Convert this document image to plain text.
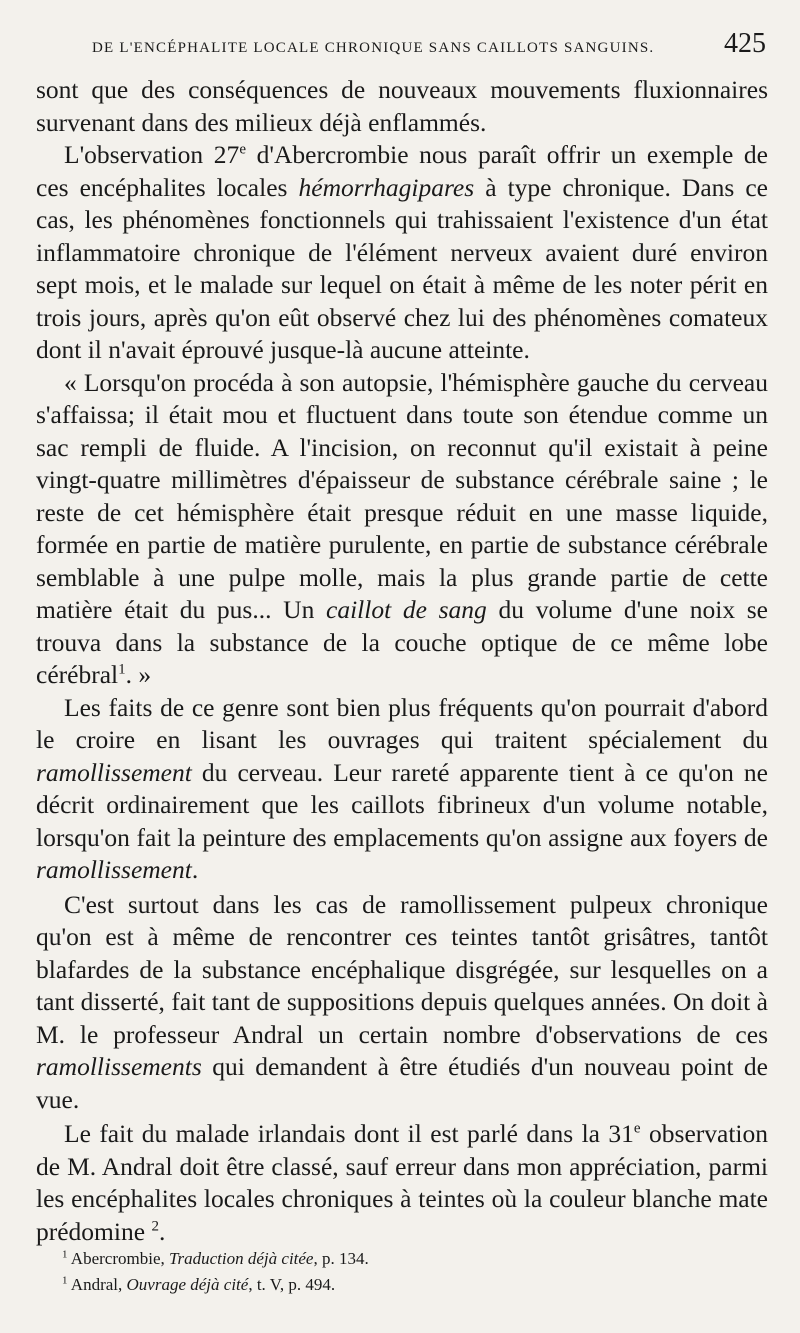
DE L'ENCÉPHALITE LOCALE CHRONIQUE SANS CAILLOTS SANGUINS. 425

sont que des conséquences de nouveaux mouvements fluxionnaires survenant dans des milieux déjà enflammés.

L'observation 27e d'Abercrombie nous paraît offrir un exemple de ces encéphalites locales hémorrhagipares à type chronique. Dans ce cas, les phénomènes fonctionnels qui trahissaient l'existence d'un état inflammatoire chronique de l'élément nerveux avaient duré environ sept mois, et le malade sur lequel on était à même de les noter périt en trois jours, après qu'on eût observé chez lui des phénomènes comateux dont il n'avait éprouvé jusque-là aucune atteinte.

« Lorsqu'on procéda à son autopsie, l'hémisphère gauche du cerveau s'affaissa; il était mou et fluctuent dans toute son étendue comme un sac rempli de fluide. A l'incision, on reconnut qu'il existait à peine vingt-quatre millimètres d'épaisseur de substance cérébrale saine ; le reste de cet hémisphère était presque réduit en une masse liquide, formée en partie de matière purulente, en partie de substance cérébrale semblable à une pulpe molle, mais la plus grande partie de cette matière était du pus... Un caillot de sang du volume d'une noix se trouva dans la substance de la couche optique de ce même lobe cérébral$^1$. »

Les faits de ce genre sont bien plus fréquents qu'on pourrait d'abord le croire en lisant les ouvrages qui traitent spécialement du ramollissement du cerveau. Leur rareté apparente tient à ce qu'on ne décrit ordinairement que les caillots fibrineux d'un volume notable, lorsqu'on fait la peinture des emplacements qu'on assigne aux foyers de ramollissement.

C'est surtout dans les cas de ramollissement pulpeux chronique qu'on est à même de rencontrer ces teintes tantôt grisâtres, tantôt blafardes de la substance encéphalique disgrégée, sur lesquelles on a tant disserté, fait tant de suppositions depuis quelques années. On doit à M. le professeur Andral un certain nombre d'observations de ces ramollissements qui demandent à être étudiés d'un nouveau point de vue.

Le fait du malade irlandais dont il est parlé dans la 31e observation de M. Andral doit être classé, sauf erreur dans mon appréciation, parmi les encéphalites locales chroniques à teintes où la couleur blanche mate prédomine $^2$.

$^1$ Abercrombie, Traduction déjà citée, p. 134.
$^1$ Andral, Ouvrage déjà cité, t. V, p. 494.
